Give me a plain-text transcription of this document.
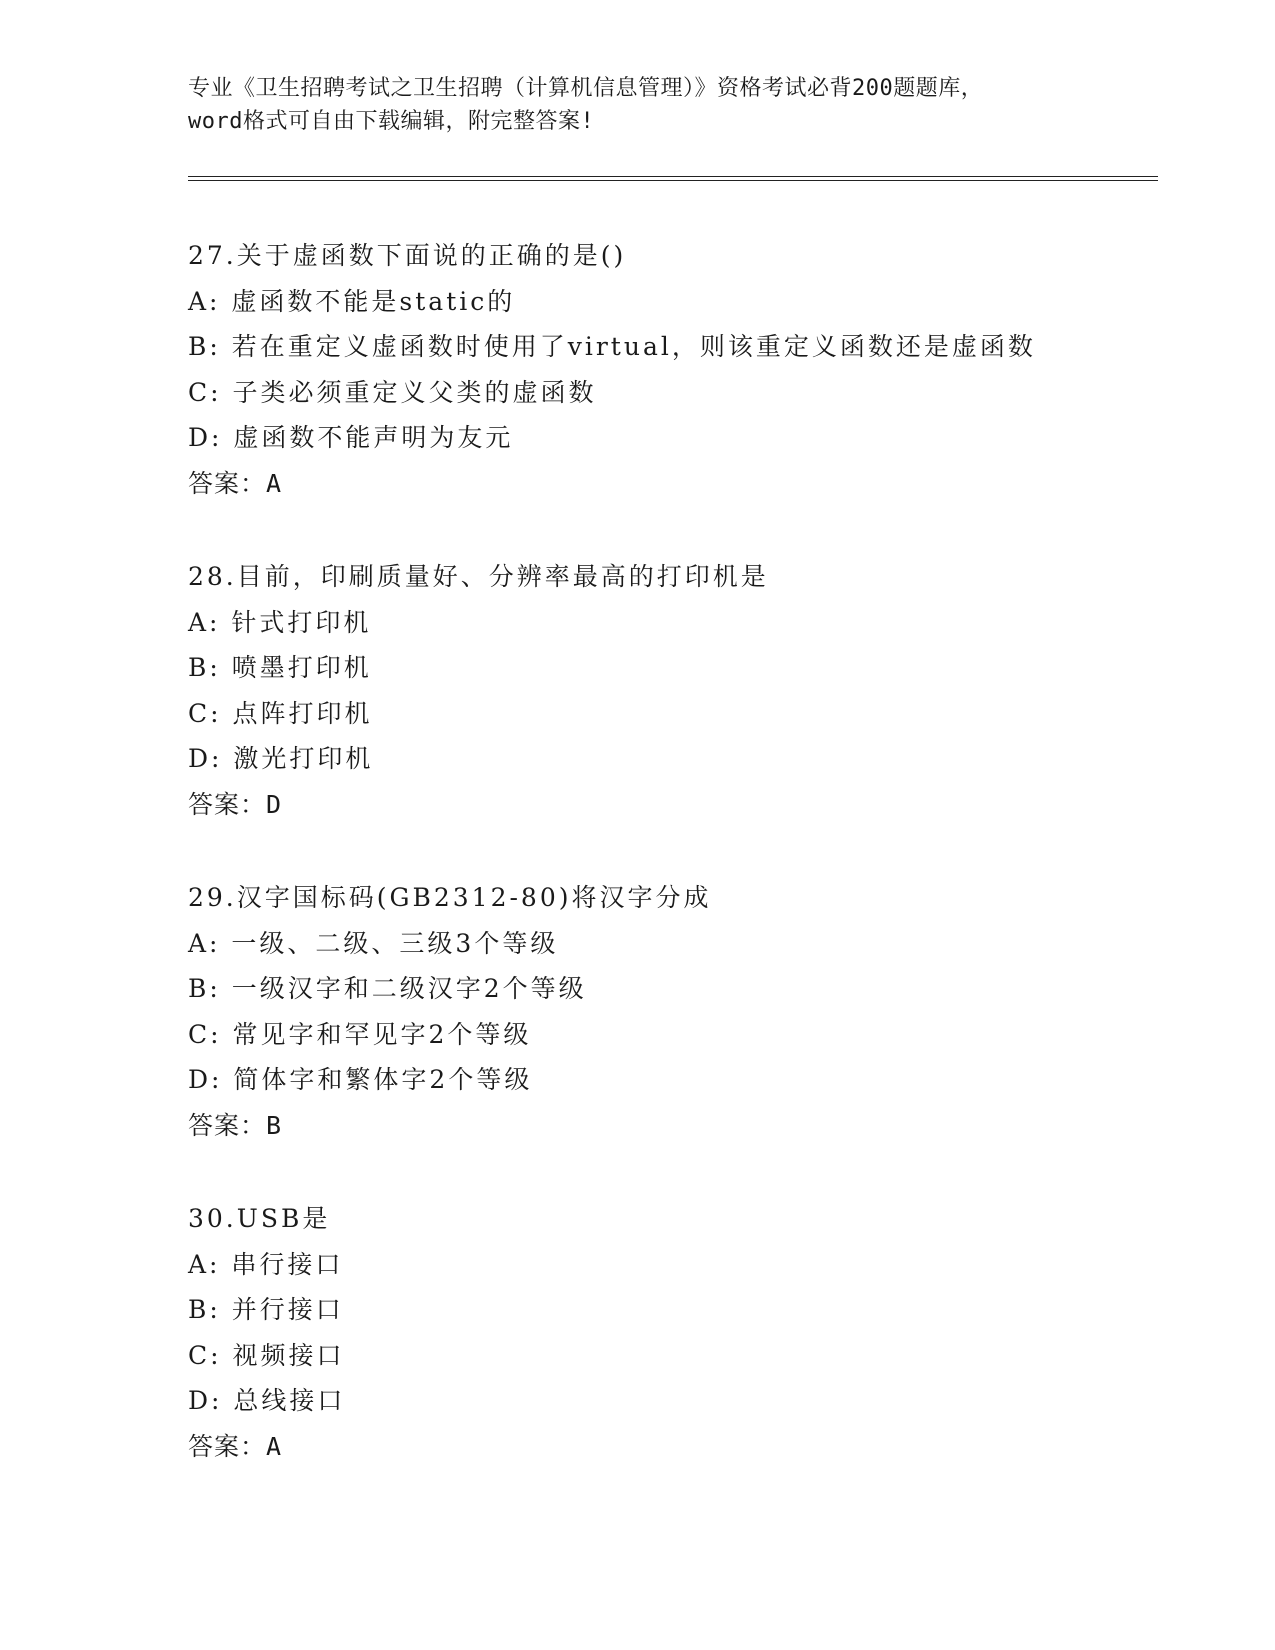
专业《卫生招聘考试之卫生招聘（计算机信息管理）》资格考试必背200题题库，

word格式可自由下载编辑，附完整答案!

27.关于虚函数下面说的正确的是()

A: 虚函数不能是static的

B: 若在重定义虚函数时使用了virtual，则该重定义函数还是虚函数

C: 子类必须重定义父类的虚函数

D: 虚函数不能声明为友元

答案：A

28.目前，印刷质量好、分辨率最高的打印机是

A: 针式打印机

B: 喷墨打印机

C: 点阵打印机

D: 激光打印机

答案：D

29.汉字国标码(GB2312-80)将汉字分成

A: 一级、二级、三级3个等级

B: 一级汉字和二级汉字2个等级

C: 常见字和罕见字2个等级

D: 简体字和繁体字2个等级

答案：B

30.USB是

A: 串行接口

B: 并行接口

C: 视频接口

D: 总线接口

答案：A
